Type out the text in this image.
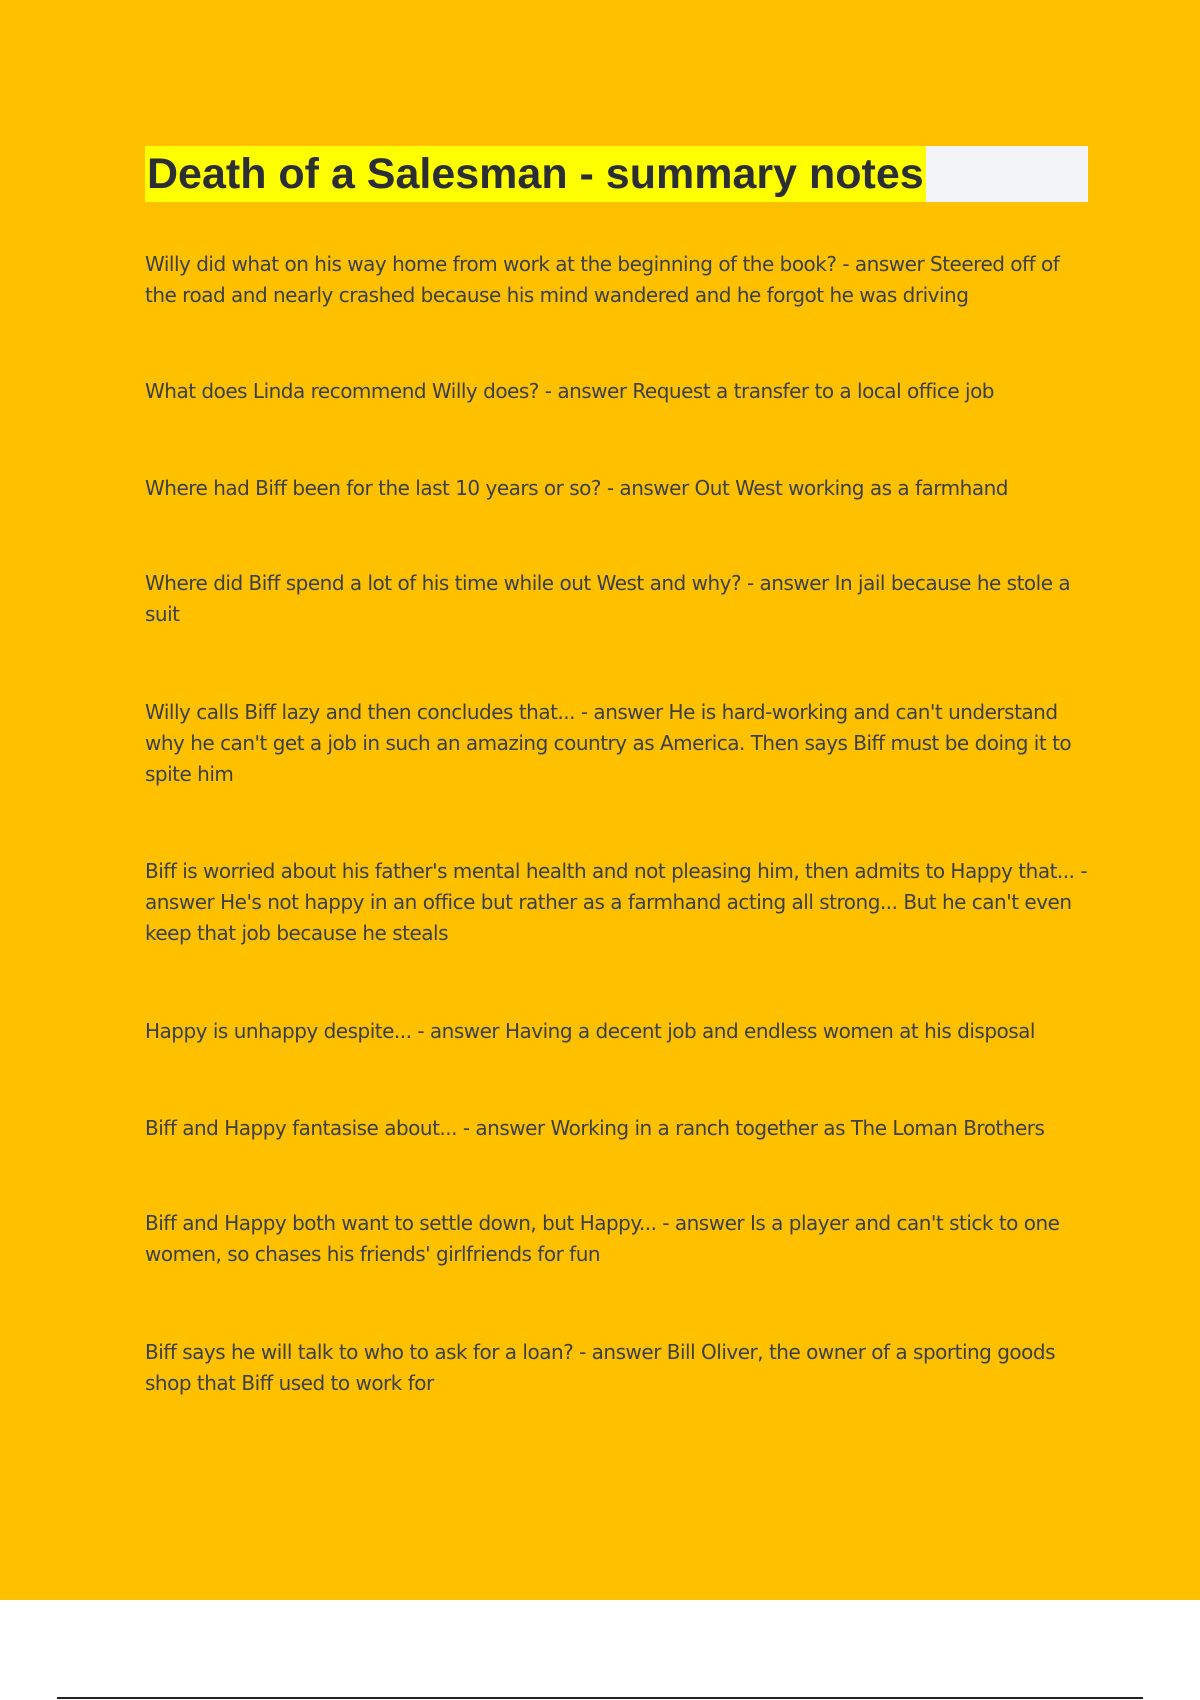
Death of a Salesman - summary notes

Willy did what on his way home from work at the beginning of the book? - answer Steered off of the road and nearly crashed because his mind wandered and he forgot he was driving

What does Linda recommend Willy does? - answer Request a transfer to a local office job

Where had Biff been for the last 10 years or so? - answer Out West working as a farmhand

Where did Biff spend a lot of his time while out West and why? - answer In jail because he stole a suit

Willy calls Biff lazy and then concludes that... - answer He is hard-working and can't understand why he can't get a job in such an amazing country as America. Then says Biff must be doing it to spite him

Biff is worried about his father's mental health and not pleasing him, then admits to Happy that... - answer He's not happy in an office but rather as a farmhand acting all strong... But he can't even keep that job because he steals

Happy is unhappy despite... - answer Having a decent job and endless women at his disposal

Biff and Happy fantasise about... - answer Working in a ranch together as The Loman Brothers

Biff and Happy both want to settle down, but Happy... - answer Is a player and can't stick to one women, so chases his friends' girlfriends for fun

Biff says he will talk to who to ask for a loan? - answer Bill Oliver, the owner of a sporting goods shop that Biff used to work for
